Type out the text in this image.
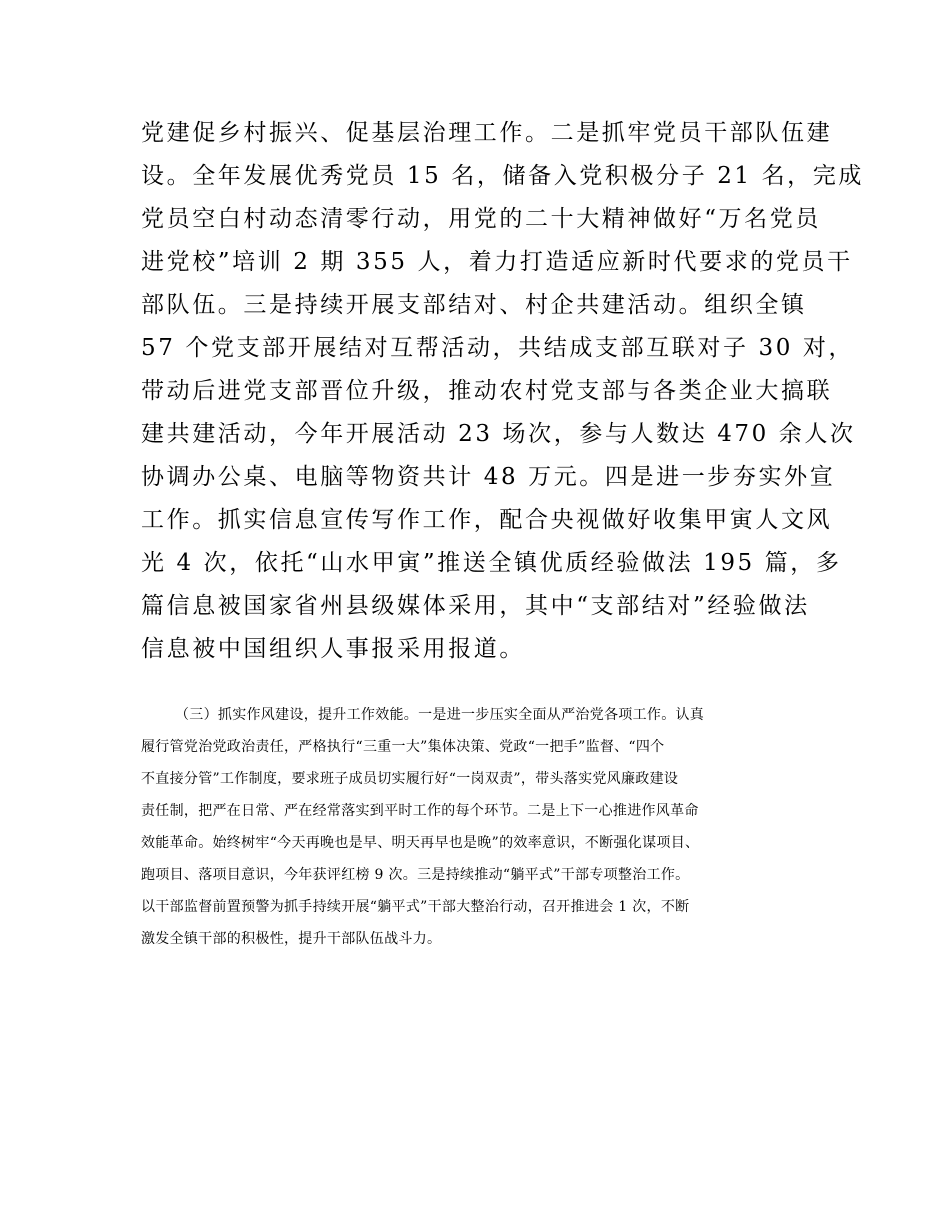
党建促乡村振兴、促基层治理工作。二是抓牢党员干部队伍建
设。全年发展优秀党员 15 名，储备入党积极分子 21 名，完成
党员空白村动态清零行动，用党的二十大精神做好“万名党员
进党校”培训 2 期 355 人，着力打造适应新时代要求的党员干
部队伍。三是持续开展支部结对、村企共建活动。组织全镇
57 个党支部开展结对互帮活动，共结成支部互联对子 30 对，
带动后进党支部晋位升级，推动农村党支部与各类企业大搞联
建共建活动，今年开展活动 23 场次，参与人数达 470 余人次
协调办公桌、电脑等物资共计 48 万元。四是进一步夯实外宣
工作。抓实信息宣传写作工作，配合央视做好收集甲寅人文风
光 4 次，依托“山水甲寅”推送全镇优质经验做法 195 篇，多
篇信息被国家省州县级媒体采用，其中“支部结对”经验做法
信息被中国组织人事报采用报道。
（三）抓实作风建设，提升工作效能。一是进一步压实全面从严治党各项工作。认真
履行管党治党政治责任，严格执行“三重一大”集体决策、党政“一把手”监督、“四个
不直接分管”工作制度，要求班子成员切实履行好“一岗双责”，带头落实党风廉政建设
责任制，把严在日常、严在经常落实到平时工作的每个环节。二是上下一心推进作风革命
效能革命。始终树牢“今天再晚也是早、明天再早也是晚”的效率意识，不断强化谋项目、
跑项目、落项目意识，今年获评红榜 9 次。三是持续推动“躺平式”干部专项整治工作。
以干部监督前置预警为抓手持续开展“躺平式”干部大整治行动，召开推进会 1 次，不断
激发全镇干部的积极性，提升干部队伍战斗力。
